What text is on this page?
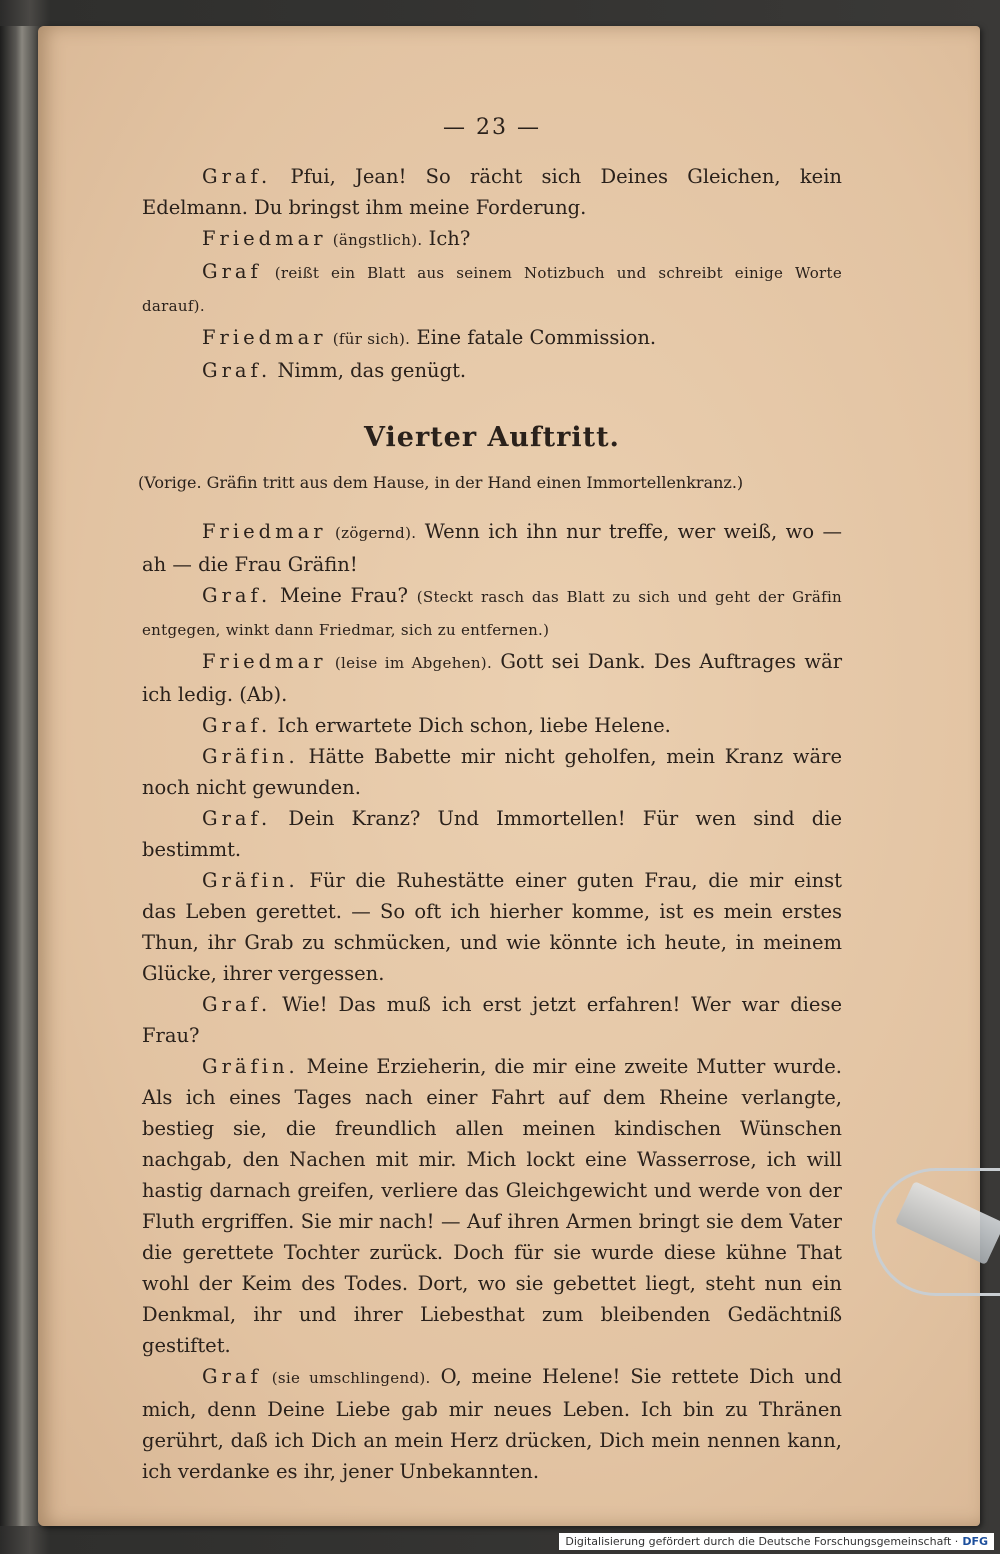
— 23 —

Graf. Pfui, Jean! So rächt sich Deines Gleichen, kein Edelmann. Du bringst ihm meine Forderung.

Friedmar (ängstlich). Ich?

Graf (reißt ein Blatt aus seinem Notizbuch und schreibt einige Worte darauf).

Friedmar (für sich). Eine fatale Commission.

Graf. Nimm, das genügt.

Vierter Auftritt.
(Vorige. Gräfin tritt aus dem Hause, in der Hand einen Immortellenkranz.)

Friedmar (zögernd). Wenn ich ihn nur treffe, wer weiß, wo — ah — die Frau Gräfin!

Graf. Meine Frau? (Steckt rasch das Blatt zu sich und geht der Gräfin entgegen, winkt dann Friedmar, sich zu entfernen.)

Friedmar (leise im Abgehen). Gott sei Dank. Des Auftrages wär ich ledig. (Ab).

Graf. Ich erwartete Dich schon, liebe Helene.

Gräfin. Hätte Babette mir nicht geholfen, mein Kranz wäre noch nicht gewunden.

Graf. Dein Kranz? Und Immortellen! Für wen sind die bestimmt.

Gräfin. Für die Ruhestätte einer guten Frau, die mir einst das Leben gerettet. — So oft ich hierher komme, ist es mein erstes Thun, ihr Grab zu schmücken, und wie könnte ich heute, in meinem Glücke, ihrer vergessen.

Graf. Wie! Das muß ich erst jetzt erfahren! Wer war diese Frau?

Gräfin. Meine Erzieherin, die mir eine zweite Mutter wurde. Als ich eines Tages nach einer Fahrt auf dem Rheine verlangte, bestieg sie, die freundlich allen meinen kindischen Wünschen nachgab, den Nachen mit mir. Mich lockt eine Wasserrose, ich will hastig darnach greifen, verliere das Gleichgewicht und werde von der Fluth ergriffen. Sie mir nach! — Auf ihren Armen bringt sie dem Vater die gerettete Tochter zurück. Doch für sie wurde diese kühne That wohl der Keim des Todes. Dort, wo sie gebettet liegt, steht nun ein Denkmal, ihr und ihrer Liebesthat zum bleibenden Gedächtniß gestiftet.

Graf (sie umschlingend). O, meine Helene! Sie rettete Dich und mich, denn Deine Liebe gab mir neues Leben. Ich bin zu Thränen gerührt, daß ich Dich an mein Herz drücken, Dich mein nennen kann, ich verdanke es ihr, jener Unbekannten.

Digitalisierung gefördert durch die Deutsche Forschungsgemeinschaft · DFG
